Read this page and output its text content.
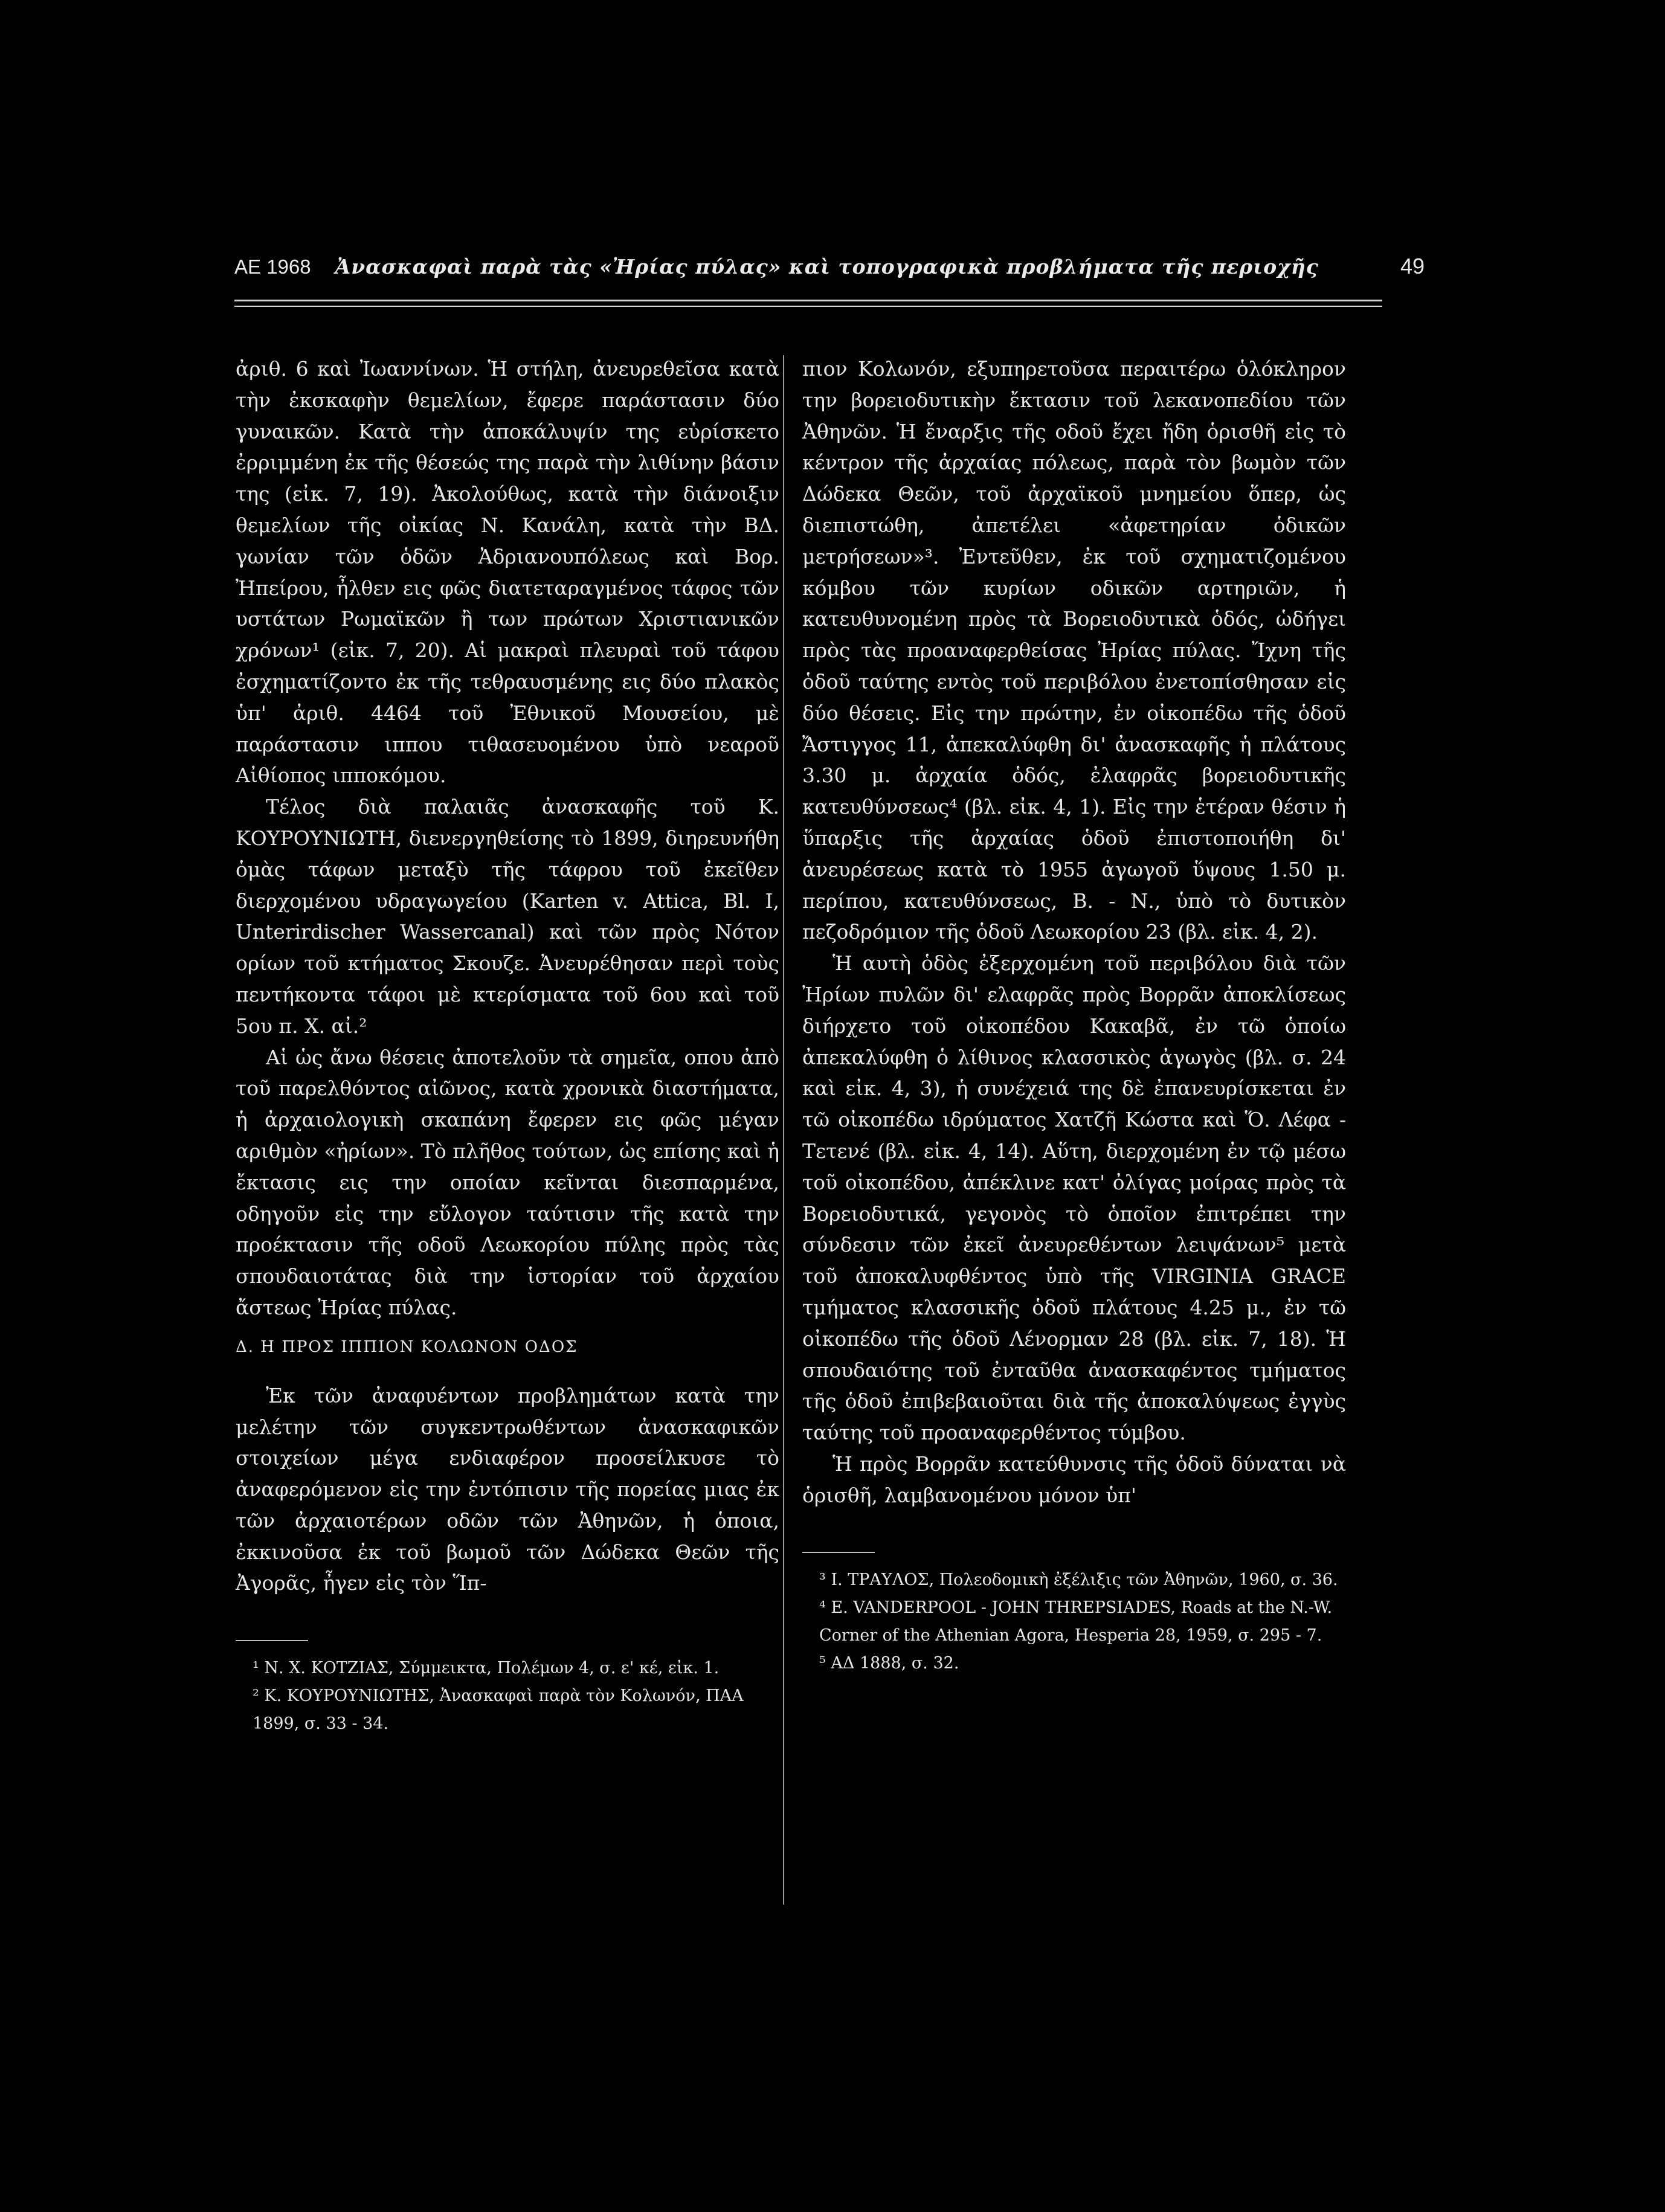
ΑΕ 1968 Ἀνασκαφαὶ παρὰ τὰς «Ἠρίας πύλας» καὶ τοπογραφικὰ προβλήματα τῆς περιοχῆς	49

ἀριθ. 6 καὶ Ἰωαννίνων. Ἡ στήλη, ἀνευρεθεῖσα κατὰ τὴν ἐκσκαφὴν θεμελίων, ἔφερε παράστασιν δύο γυναικῶν. Κατὰ τὴν ἀποκάλυψίν της εὑρίσκετο ἐρριμμένη ἐκ τῆς θέσεώς της παρὰ τὴν λιθίνην βάσιν της (εἰκ. 7, 19). Ἀκολούθως, κατὰ τὴν διάνοιξιν θεμελίων τῆς οἰκίας Ν. Κανάλη, κατὰ τὴν ΒΔ. γωνίαν τῶν ὁδῶν Ἀδριανουπόλεως καὶ Βορ. Ἠπείρου, ἦλθεν εις φῶς διατεταραγμένος τάφος τῶν υστάτων Ρωμαϊκῶν ἢ των πρώτων Χριστιανικῶν χρόνων¹ (εἰκ. 7, 20). Αἱ μακραὶ πλευραὶ τοῦ τάφου ἐσχηματίζοντο ἐκ τῆς τεθραυσμένης εις δύο πλακὸς ὑπ' ἀριθ. 4464 τοῦ Ἐθνικοῦ Μουσείου, μὲ παράστασιν ιππου τιθασευομένου ὑπὸ νεαροῦ Αἰθίοπος ιπποκόμου.

Τέλος διὰ παλαιᾶς ἀνασκαφῆς τοῦ Κ. ΚΟΥΡΟΥΝΙΩΤΗ, διενεργηθείσης τὸ 1899, διηρευνήθη ὁμὰς τάφων μεταξὺ τῆς τάφρου τοῦ ἐκεῖθεν διερχομένου υδραγωγείου (Karten v. Attica, Bl. I, Unterirdischer Wassercanal) καὶ τῶν πρὸς Νότον ορίων τοῦ κτήματος Σκουζε. Ἀνευρέθησαν περὶ τοὺς πεντήκοντα τάφοι μὲ κτερίσματα τοῦ 6ου καὶ τοῦ 5ου π. Χ. αἰ.²

Αἱ ὡς ἄνω θέσεις ἀποτελοῦν τὰ σημεῖα, οπου ἀπὸ τοῦ παρελθόντος αἰῶνος, κατὰ χρονικὰ διαστήματα, ἡ ἀρχαιολογικὴ σκαπάνη ἔφερεν εις φῶς μέγαν αριθμὸν «ἠρίων». Τὸ πλῆθος τούτων, ὡς επίσης καὶ ἡ ἔκτασις εις την οποίαν κεῖνται διεσπαρμένα, οδηγοῦν εἰς την εὔλογον ταύτισιν τῆς κατὰ την προέκτασιν τῆς οδοῦ Λεωκορίου πύλης πρὸς τὰς σπουδαιοτάτας διὰ την ἱστορίαν τοῦ ἀρχαίου ἄστεως Ἠρίας πύλας.

Δ. Η ΠΡΟΣ ΙΠΠΙΟΝ ΚΟΛΩΝΟΝ ΟΔΟΣ

Ἐκ τῶν ἀναφυέντων προβλημάτων κατὰ την μελέτην τῶν συγκεντρωθέντων ἀνασκαφικῶν στοιχείων μέγα ενδιαφέρον προσείλκυσε τὸ ἀναφερόμενον εἰς την ἐντόπισιν τῆς πορείας μιας ἐκ τῶν ἀρχαιοτέρων οδῶν τῶν Ἀθηνῶν, ἡ ὁποια, ἐκκινοῦσα ἐκ τοῦ βωμοῦ τῶν Δώδεκα Θεῶν τῆς Ἀγορᾶς, ἦγεν εἰς τὸν Ἵπ-

¹ Ν. Χ. ΚΟΤΖΙΑΣ, Σύμμεικτα, Πολέμων 4, σ. ε' κέ, εἰκ. 1.
² Κ. ΚΟΥΡΟΥΝΙΩΤΗΣ, Ἀνασκαφαὶ παρὰ τὸν Κολωνόν, ΠΑΑ 1899, σ. 33 - 34.

πιον Κολωνόν, εξυπηρετοῦσα περαιτέρω ὁλόκληρον την βορειοδυτικὴν ἔκτασιν τοῦ λεκανοπεδίου τῶν Ἀθηνῶν. Ἡ ἔναρξις τῆς οδοῦ ἔχει ἤδη ὁρισθῆ εἰς τὸ κέντρον τῆς ἀρχαίας πόλεως, παρὰ τὸν βωμὸν τῶν Δώδεκα Θεῶν, τοῦ ἀρχαϊκοῦ μνημείου ὅπερ, ὡς διεπιστώθη, ἀπετέλει «ἀφετηρίαν ὁδικῶν μετρήσεων»³. Ἐντεῦθεν, ἐκ τοῦ σχηματιζομένου κόμβου τῶν κυρίων οδικῶν αρτηριῶν, ἡ κατευθυνομένη πρὸς τὰ Βορειοδυτικὰ ὁδός, ὡδήγει πρὸς τὰς προαναφερθείσας Ἠρίας πύλας. Ἴχνη τῆς ὁδοῦ ταύτης εντὸς τοῦ περιβόλου ἐνετοπίσθησαν εἰς δύο θέσεις. Εἰς την πρώτην, ἐν οἰκοπέδω τῆς ὁδοῦ Ἄστιγγος 11, ἀπεκαλύφθη δι' ἀνασκαφῆς ἡ πλάτους 3.30 μ. ἀρχαία ὁδός, ἐλαφρᾶς βορειοδυτικῆς κατευθύνσεως⁴ (βλ. εἰκ. 4, 1). Εἰς την ἑτέραν θέσιν ἡ ὕπαρξις τῆς ἀρχαίας ὁδοῦ ἐπιστοποιήθη δι' ἀνευρέσεως κατὰ τὸ 1955 ἀγωγοῦ ὕψους 1.50 μ. περίπου, κατευθύνσεως, Β. - Ν., ὑπὸ τὸ δυτικὸν πεζοδρόμιον τῆς ὁδοῦ Λεωκορίου 23 (βλ. εἰκ. 4, 2).

Ἡ αυτὴ ὁδὸς ἐξερχομένη τοῦ περιβόλου διὰ τῶν Ἠρίων πυλῶν δι' ελαφρᾶς πρὸς Βορρᾶν ἀποκλίσεως διήρχετο τοῦ οἰκοπέδου Κακαβᾶ, ἐν τῶ ὁποίω ἀπεκαλύφθη ὁ λίθινος κλασσικὸς ἀγωγὸς (βλ. σ. 24 καὶ εἰκ. 4, 3), ἡ συνέχειά της δὲ ἐπανευρίσκεται ἐν τῶ οἰκοπέδω ιδρύματος Χατζῆ Κώστα καὶ Ὅ. Λέφα - Τετενέ (βλ. εἰκ. 4, 14). Αὕτη, διερχομένη ἐν τῷ μέσω τοῦ οἰκοπέδου, ἀπέκλινε κατ' ὀλίγας μοίρας πρὸς τὰ Βορειοδυτικά, γεγονὸς τὸ ὁποῖον ἐπιτρέπει την σύνδεσιν τῶν ἐκεῖ ἀνευρεθέντων λειψάνων⁵ μετὰ τοῦ ἀποκαλυφθέντος ὑπὸ τῆς VIRGINIA GRACE τμήματος κλασσικῆς ὁδοῦ πλάτους 4.25 μ., ἐν τῶ οἰκοπέδω τῆς ὁδοῦ Λένορμαν 28 (βλ. εἰκ. 7, 18). Ἡ σπουδαιότης τοῦ ἐνταῦθα ἀνασκαφέντος τμήματος τῆς ὁδοῦ ἐπιβεβαιοῦται διὰ τῆς ἀποκαλύψεως ἐγγὺς ταύτης τοῦ προαναφερθέντος τύμβου.

Ἡ πρὸς Βορρᾶν κατεύθυνσις τῆς ὁδοῦ δύναται νὰ ὁρισθῆ, λαμβανομένου μόνον ὑπ'

³ Ι. ΤΡΑΥΛΟΣ, Πολεοδομικὴ ἐξέλιξις τῶν Ἀθηνῶν, 1960, σ. 36.
⁴ E. VANDERPOOL - JOHN THREPSIADES, Roads at the N.-W. Corner of the Athenian Agora, Hesperia 28, 1959, σ. 295 - 7.
⁵ ΑΔ 1888, σ. 32.
